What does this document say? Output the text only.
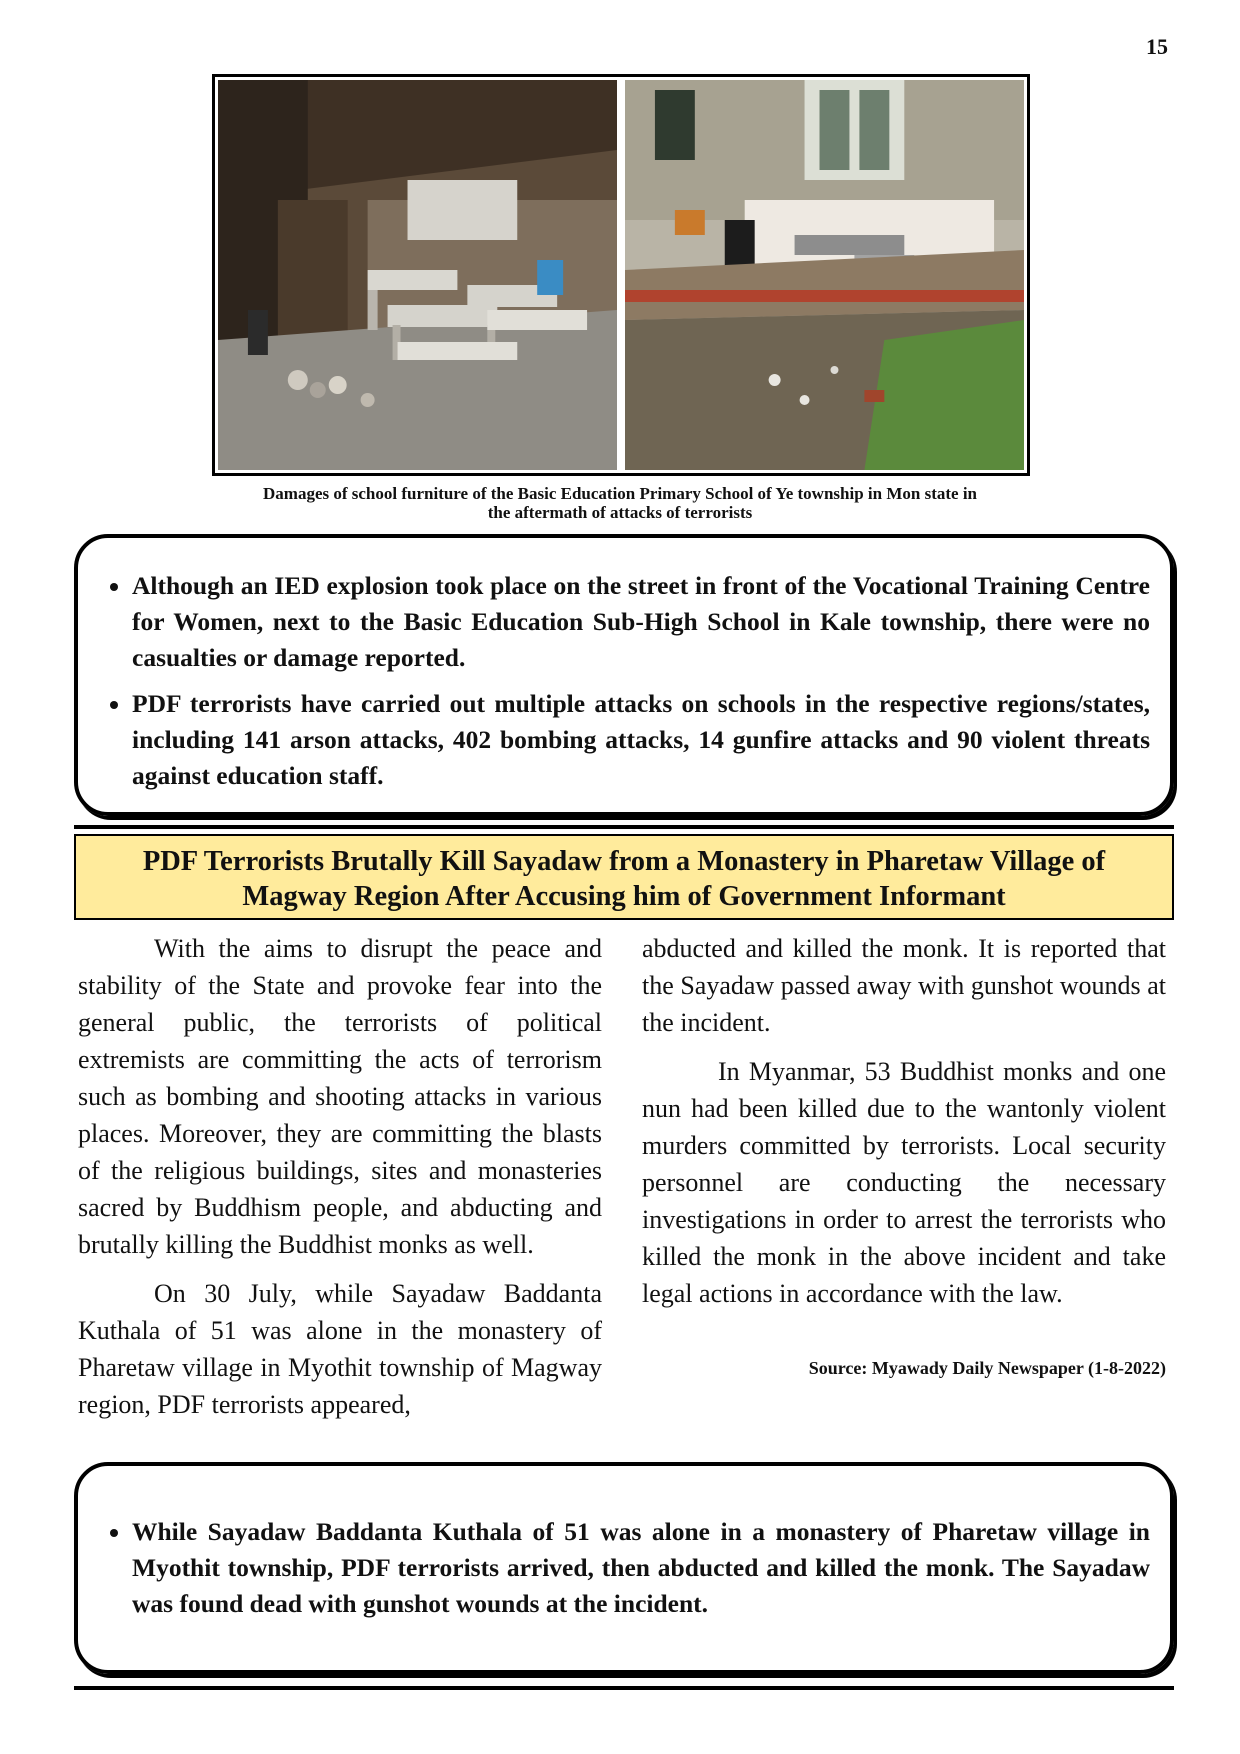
15
Damages of school furniture of the Basic Education Primary School of Ye township in Mon state in
the aftermath of attacks of terrorists
• Although an IED explosion took place on the street in front of the Vocational Training Centre for Women, next to the Basic Education Sub-High School in Kale township, there were no casualties or damage reported.
• PDF terrorists have carried out multiple attacks on schools in the respective regions/states, including 141 arson attacks, 402 bombing attacks, 14 gunfire attacks and 90 violent threats against education staff.
PDF Terrorists Brutally Kill Sayadaw from a Monastery in Pharetaw Village of
Magway Region After Accusing him of Government Informant

With the aims to disrupt the peace and stability of the State and provoke fear into the general public, the terrorists of political extremists are committing the acts of terrorism such as bombing and shooting attacks in various places. Moreover, they are committing the blasts of the religious buildings, sites and monasteries sacred by Buddhism people, and abducting and brutally killing the Buddhist monks as well.

On 30 July, while Sayadaw Baddanta Kuthala of 51 was alone in the monastery of Pharetaw village in Myothit township of Magway region, PDF terrorists appeared,

abducted and killed the monk. It is reported that the Sayadaw passed away with gunshot wounds at the incident.

In Myanmar, 53 Buddhist monks and one nun had been killed due to the wantonly violent murders committed by terrorists. Local security personnel are conducting the necessary investigations in order to arrest the terrorists who killed the monk in the above incident and take legal actions in accordance with the law.

Source: Myawady Daily Newspaper (1-8-2022)
• While Sayadaw Baddanta Kuthala of 51 was alone in a monastery of Pharetaw village in Myothit township, PDF terrorists arrived, then abducted and killed the monk. The Sayadaw was found dead with gunshot wounds at the incident.
